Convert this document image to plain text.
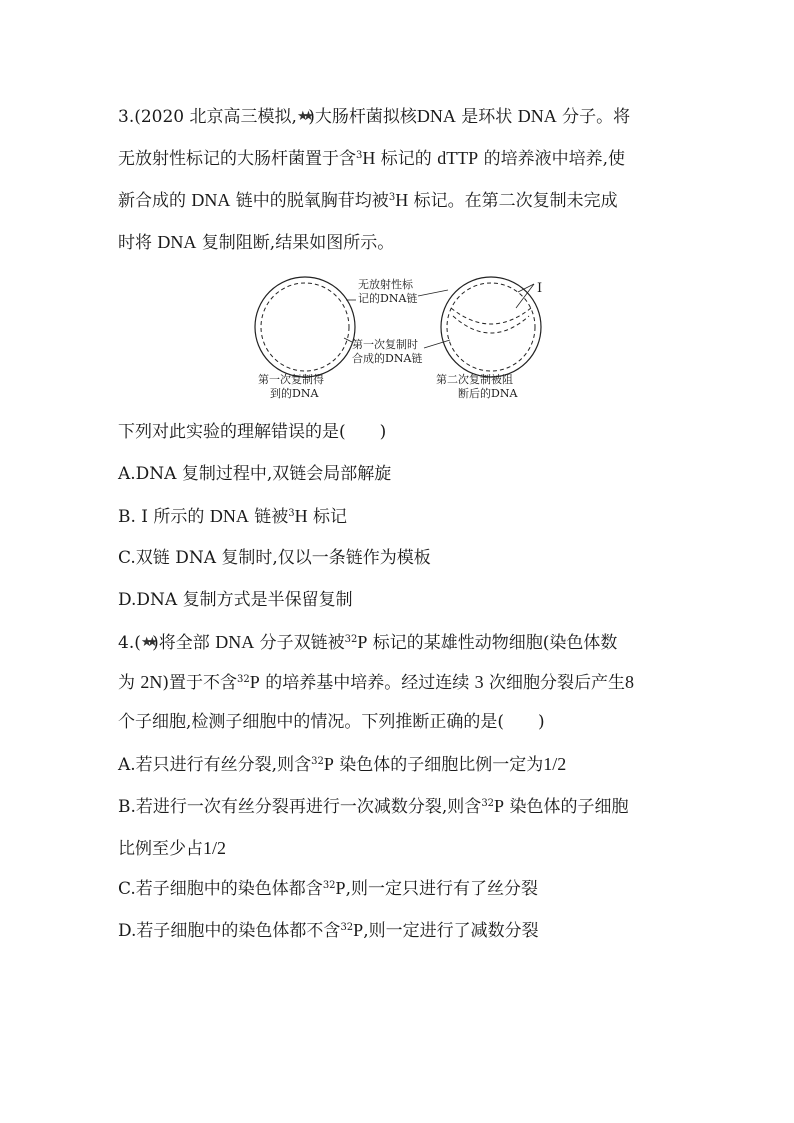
3.(2020 北京高三模拟,★★)大肠杆菌拟核DNA 是环状 DNA 分子。将
无放射性标记的大肠杆菌置于含$^3$H 标记的 dTTP 的培养液中培养,使
新合成的 DNA 链中的脱氧胸苷均被$^3$H 标记。在第二次复制未完成
时将 DNA 复制阻断,结果如图所示。
无放射性标
记的DNA链
第一次复制时
合成的DNA链
第一次复制得
到的DNA
第二次复制被阻
断后的DNA
I
下列对此实验的理解错误的是(　　)
A.DNA 复制过程中,双链会局部解旋
B. Ⅰ 所示的 DNA 链被$^3$H 标记
C.双链 DNA 复制时,仅以一条链作为模板
D.DNA 复制方式是半保留复制
4.(★★)将全部 DNA 分子双链被$^{32}$P 标记的某雄性动物细胞(染色体数
为 2N)置于不含$^{32}$P 的培养基中培养。经过连续 3 次细胞分裂后产生8
个子细胞,检测子细胞中的情况。下列推断正确的是(　　)
A.若只进行有丝分裂,则含$^{32}$P 染色体的子细胞比例一定为1/2
B.若进行一次有丝分裂再进行一次减数分裂,则含$^{32}$P 染色体的子细胞
比例至少占1/2
C.若子细胞中的染色体都含$^{32}$P,则一定只进行有了丝分裂
D.若子细胞中的染色体都不含$^{32}$P,则一定进行了减数分裂
